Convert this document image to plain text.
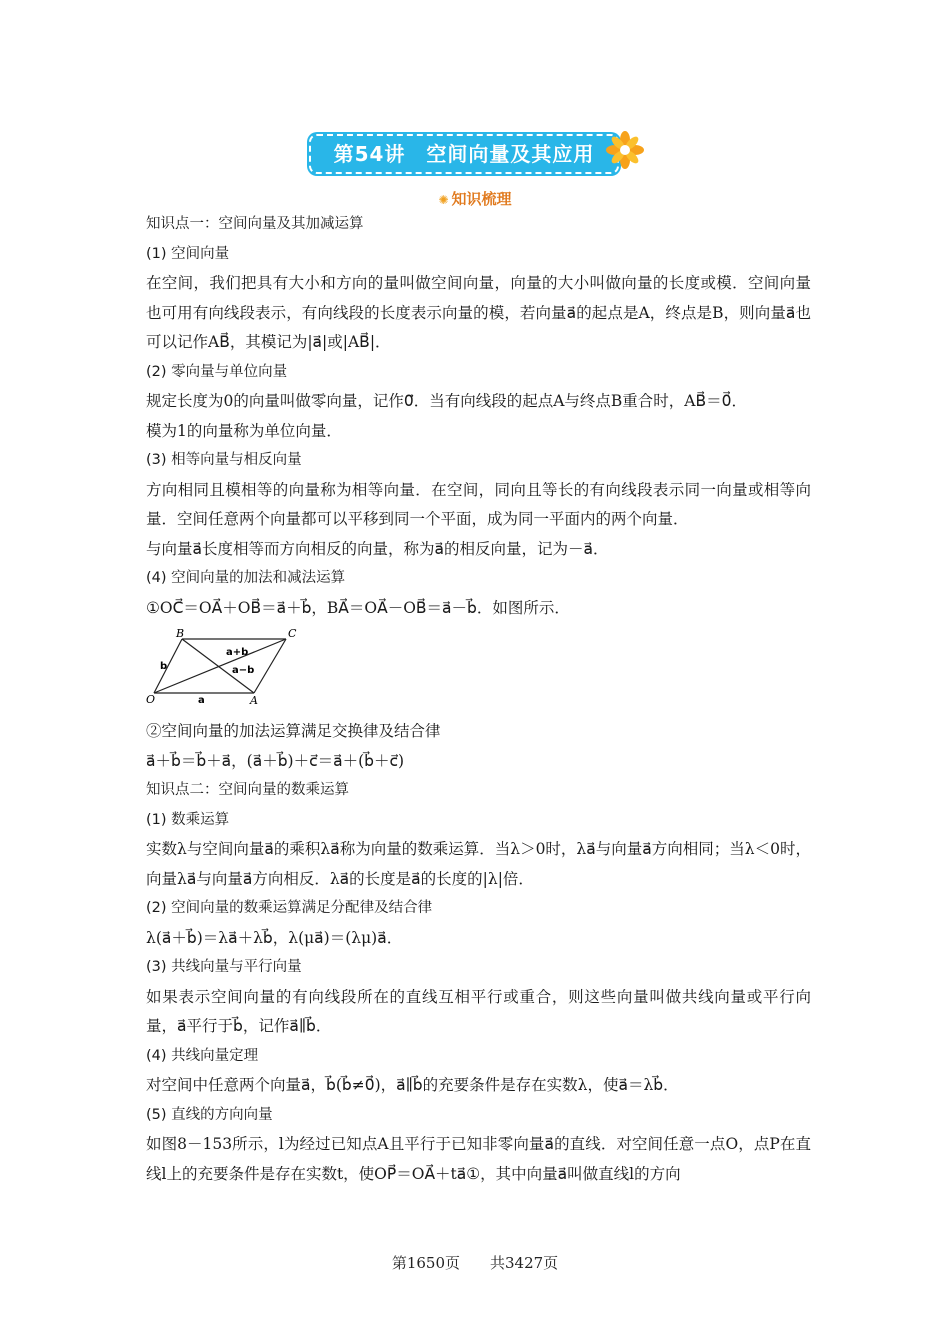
第54讲　空间向量及其应用
✺ 知识梳理
知识点一：空间向量及其加减运算
(1) 空间向量
在空间，我们把具有大小和方向的量叫做空间向量，向量的大小叫做向量的长度或模．空间向量也可用有向线段表示，有向线段的长度表示向量的模，若向量a⃗的起点是A，终点是B，则向量a⃗也可以记作AB⃗，其模记为|a⃗|或|AB⃗|．
(2) 零向量与单位向量
规定长度为0的向量叫做零向量，记作0⃗．当有向线段的起点A与终点B重合时，AB⃗＝0⃗．
模为1的向量称为单位向量．
(3) 相等向量与相反向量
方向相同且模相等的向量称为相等向量．在空间，同向且等长的有向线段表示同一向量或相等向量．空间任意两个向量都可以平移到同一个平面，成为同一平面内的两个向量．
与向量a⃗长度相等而方向相反的向量，称为a⃗的相反向量，记为－a⃗．
(4) 空间向量的加法和减法运算
①OC⃗＝OA⃗＋OB⃗＝a⃗＋b⃗，BA⃗＝OA⃗－OB⃗＝a⃗－b⃗．如图所示．
B	C
O	A
b
a
a+b
a−b
②空间向量的加法运算满足交换律及结合律
a⃗＋b⃗＝b⃗＋a⃗，(a⃗＋b⃗)＋c⃗＝a⃗＋(b⃗＋c⃗)
知识点二：空间向量的数乘运算
(1) 数乘运算
实数λ与空间向量a⃗的乘积λa⃗称为向量的数乘运算．当λ＞0时，λa⃗与向量a⃗方向相同；当λ＜0时，向量λa⃗与向量a⃗方向相反．λa⃗的长度是a⃗的长度的|λ|倍．
(2) 空间向量的数乘运算满足分配律及结合律
λ(a⃗＋b⃗)＝λa⃗＋λb⃗，λ(μa⃗)＝(λμ)a⃗．
(3) 共线向量与平行向量
如果表示空间向量的有向线段所在的直线互相平行或重合，则这些向量叫做共线向量或平行向量，a⃗平行于b⃗，记作a⃗∥b⃗．
(4) 共线向量定理
对空间中任意两个向量a⃗，b⃗(b⃗≠0⃗)，a⃗∥b⃗的充要条件是存在实数λ，使a⃗＝λb⃗．
(5) 直线的方向向量
如图8－153所示，l为经过已知点A且平行于已知非零向量a⃗的直线．对空间任意一点O，点P在直线l上的充要条件是存在实数t，使OP⃗＝OA⃗＋ta⃗①，其中向量a⃗叫做直线l的方向
第1650页　　共3427页
